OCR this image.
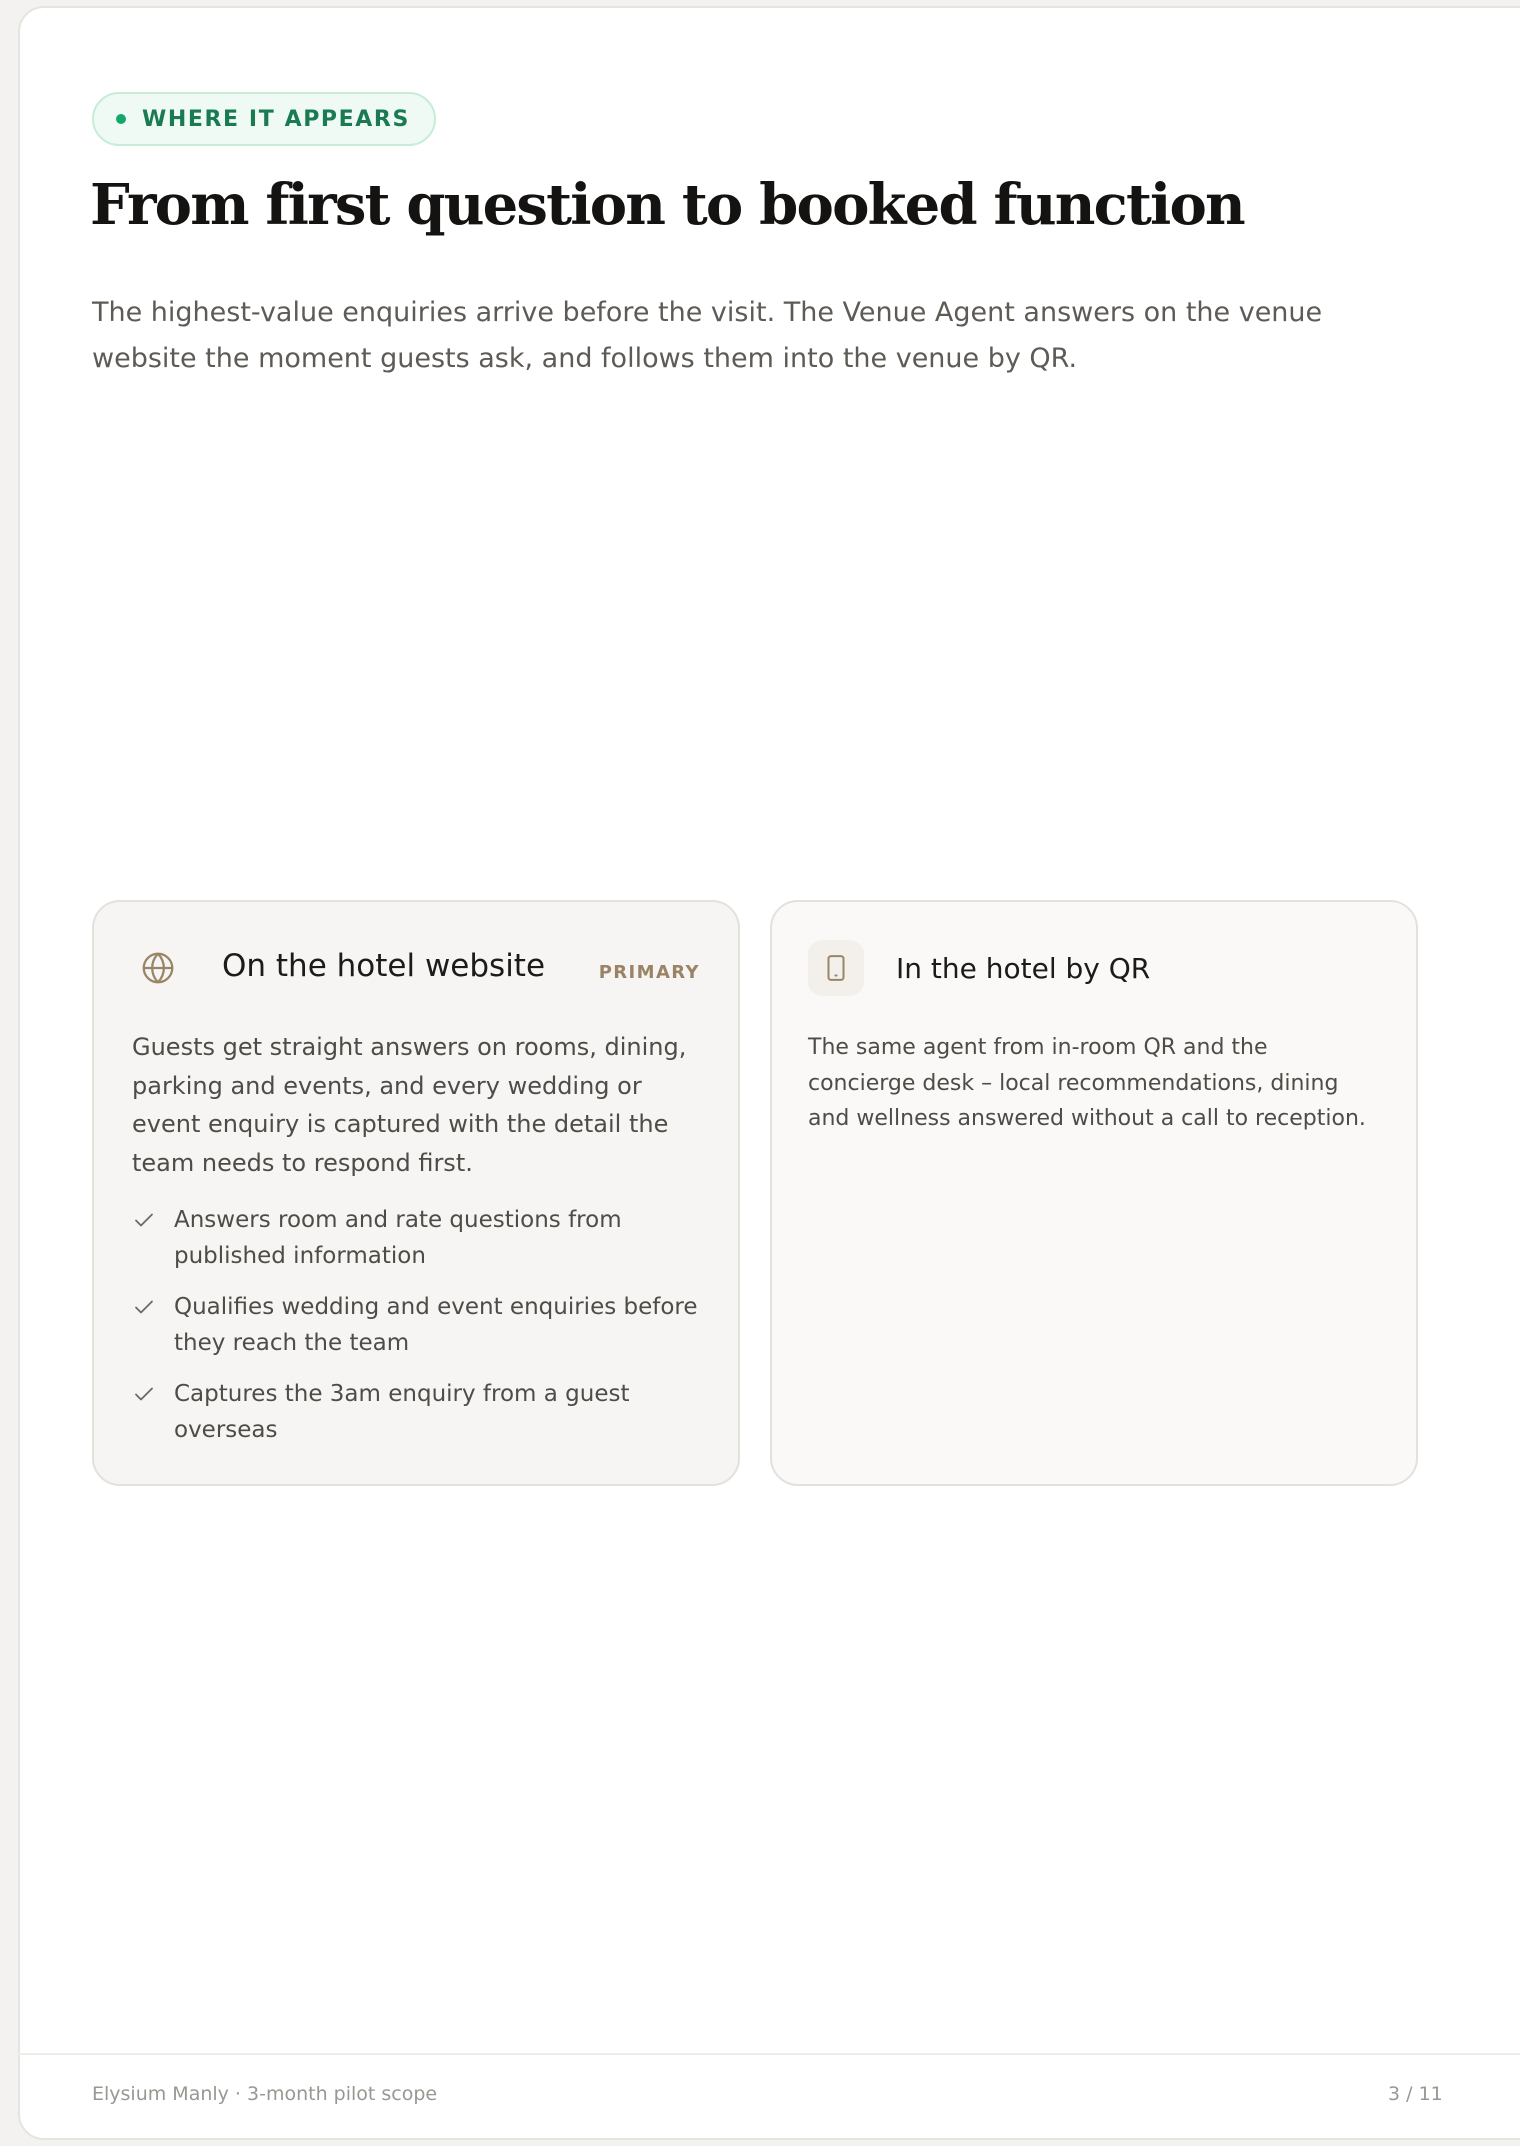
WHERE IT APPEARS
From first question to booked function

The highest-value enquiries arrive before the visit. The Venue Agent answers on the venue website the moment guests ask, and follows them into the venue by QR.

On the hotel website	PRIMARY

Guests get straight answers on rooms, dining, parking and events, and every wedding or event enquiry is captured with the detail the team needs to respond first.

Answers room and rate questions from published information
Qualifies wedding and event enquiries before they reach the team
Captures the 3am enquiry from a guest overseas
In the hotel by QR

The same agent from in-room QR and the concierge desk – local recommendations, dining and wellness answered without a call to reception.

Elysium Manly · 3-month pilot scope	3 / 11
